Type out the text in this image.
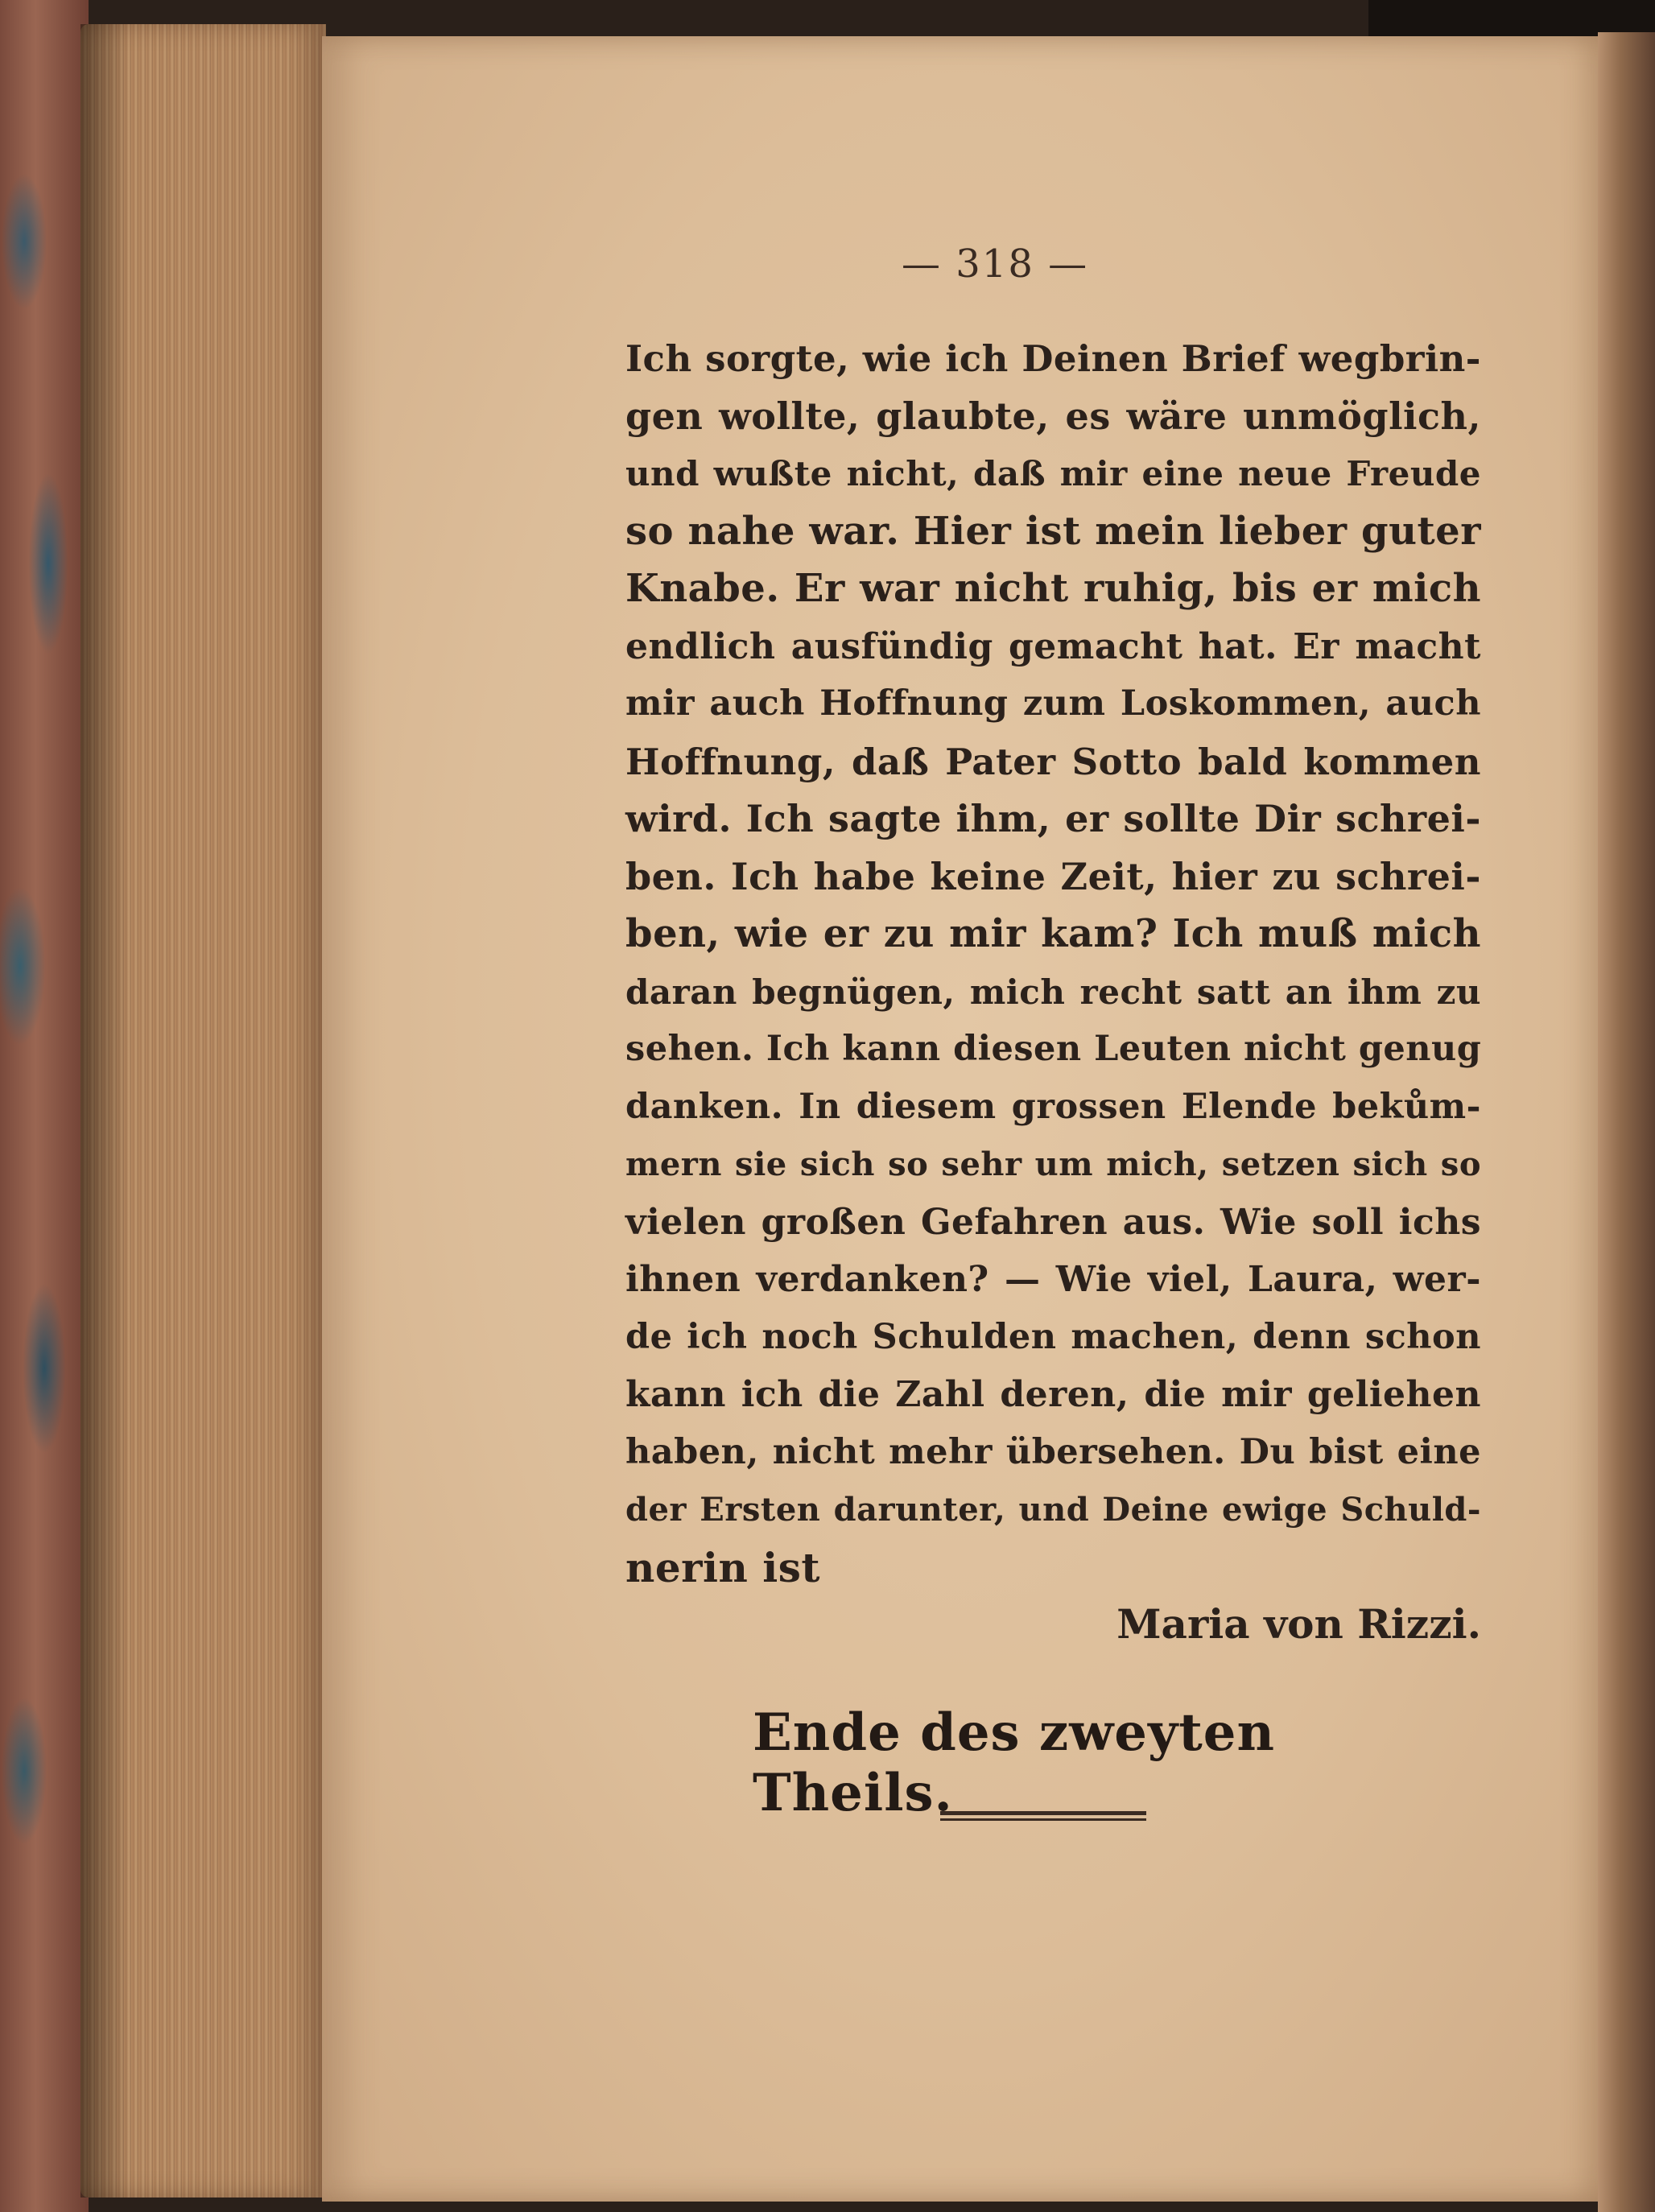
— 318 —
Ich sorgte, wie ich Deinen Brief wegbrin-
gen wollte, glaubte, es wäre unmöglich,
und wußte nicht, daß mir eine neue Freude
so nahe war. Hier ist mein lieber guter
Knabe. Er war nicht ruhig, bis er mich
endlich ausfündig gemacht hat. Er macht
mir auch Hoffnung zum Loskommen, auch
Hoffnung, daß Pater Sotto bald kommen
wird. Ich sagte ihm, er sollte Dir schrei-
ben. Ich habe keine Zeit, hier zu schrei-
ben, wie er zu mir kam? Ich muß mich
daran begnügen, mich recht satt an ihm zu
sehen. Ich kann diesen Leuten nicht genug
danken. In diesem grossen Elende bekům-
mern sie sich so sehr um mich, setzen sich so
vielen großen Gefahren aus. Wie soll ichs
ihnen verdanken? — Wie viel, Laura, wer-
de ich noch Schulden machen, denn schon
kann ich die Zahl deren, die mir geliehen
haben, nicht mehr übersehen. Du bist eine
der Ersten darunter, und Deine ewige Schuld-
nerin ist
Maria von Rizzi.
Ende des zweyten Theils.
